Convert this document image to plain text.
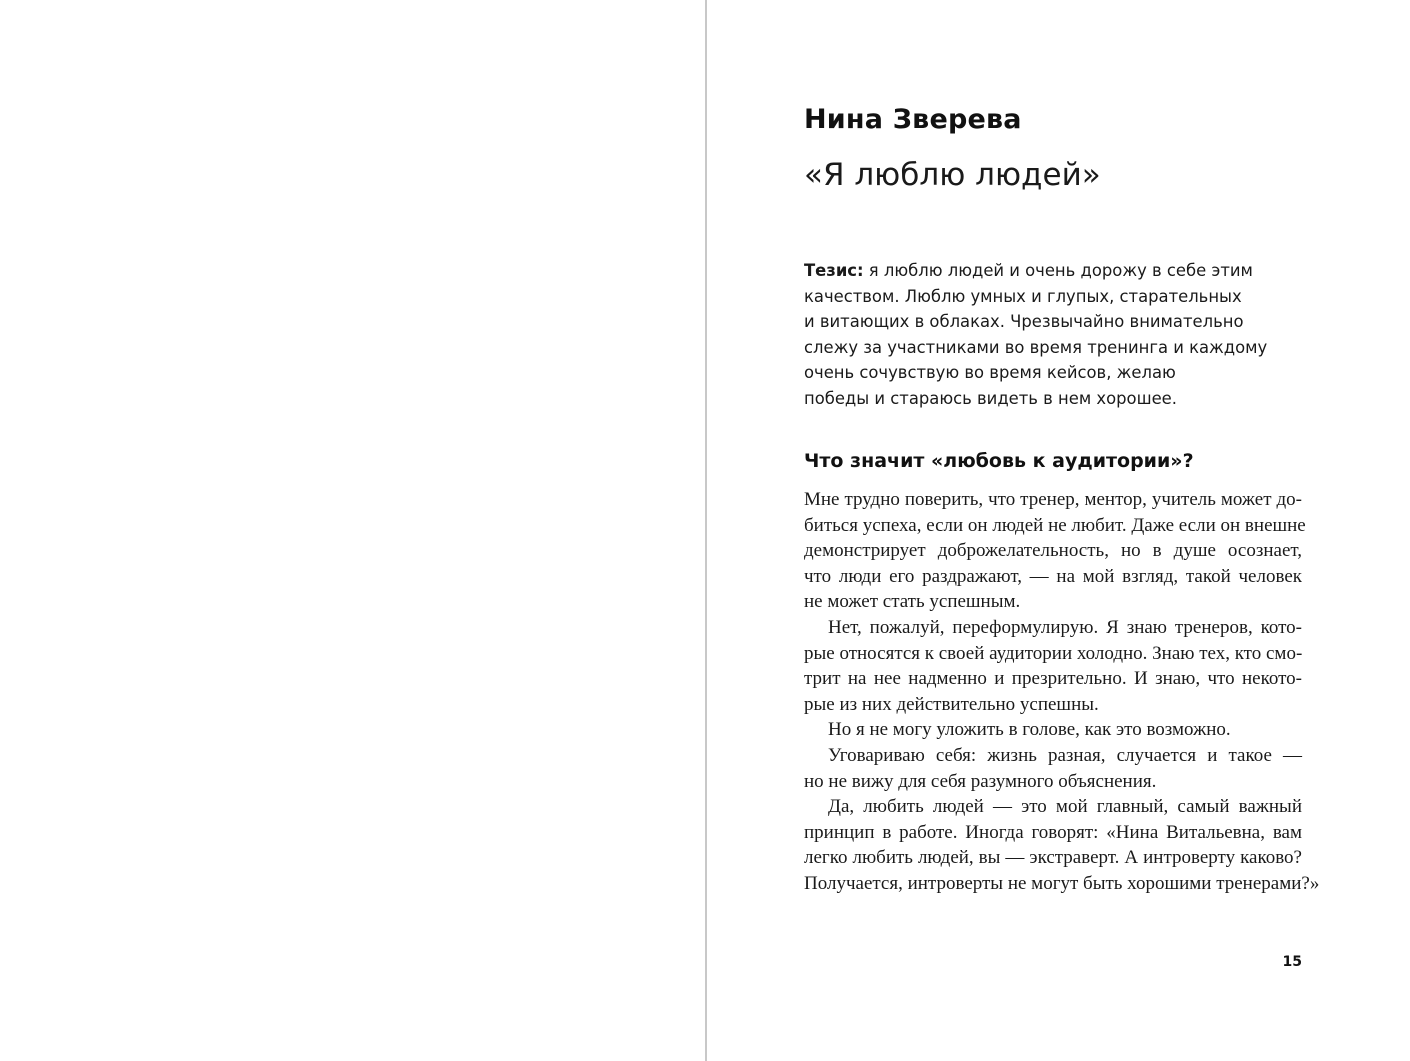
Нина Зверева
«Я люблю людей»

Тезис: я люблю людей и очень дорожу в себе этим
качеством. Люблю умных и глупых, старательных
и витающих в облаках. Чрезвычайно внимательно
слежу за участниками во время тренинга и каждому
очень сочувствую во время кейсов, желаю
победы и стараюсь видеть в нем хорошее.

Что значит «любовь к аудитории»?
Мне трудно поверить, что тренер, ментор, учитель может до-
биться успеха, если он людей не любит. Даже если он внешне
демонстрирует доброжелательность, но в душе осознает,
что люди его раздражают, — на мой взгляд, такой человек
не может стать успешным.
Нет, пожалуй, переформулирую. Я знаю тренеров, кото-
рые относятся к своей аудитории холодно. Знаю тех, кто смо-
трит на нее надменно и презрительно. И знаю, что некото-
рые из них действительно успешны.
Но я не могу уложить в голове, как это возможно.
Уговариваю себя: жизнь разная, случается и такое —
но не вижу для себя разумного объяснения.
Да, любить людей — это мой главный, самый важный
принцип в работе. Иногда говорят: «Нина Витальевна, вам
легко любить людей, вы — экстраверт. А интроверту каково?
Получается, интроверты не могут быть хорошими тренерами?»
15
